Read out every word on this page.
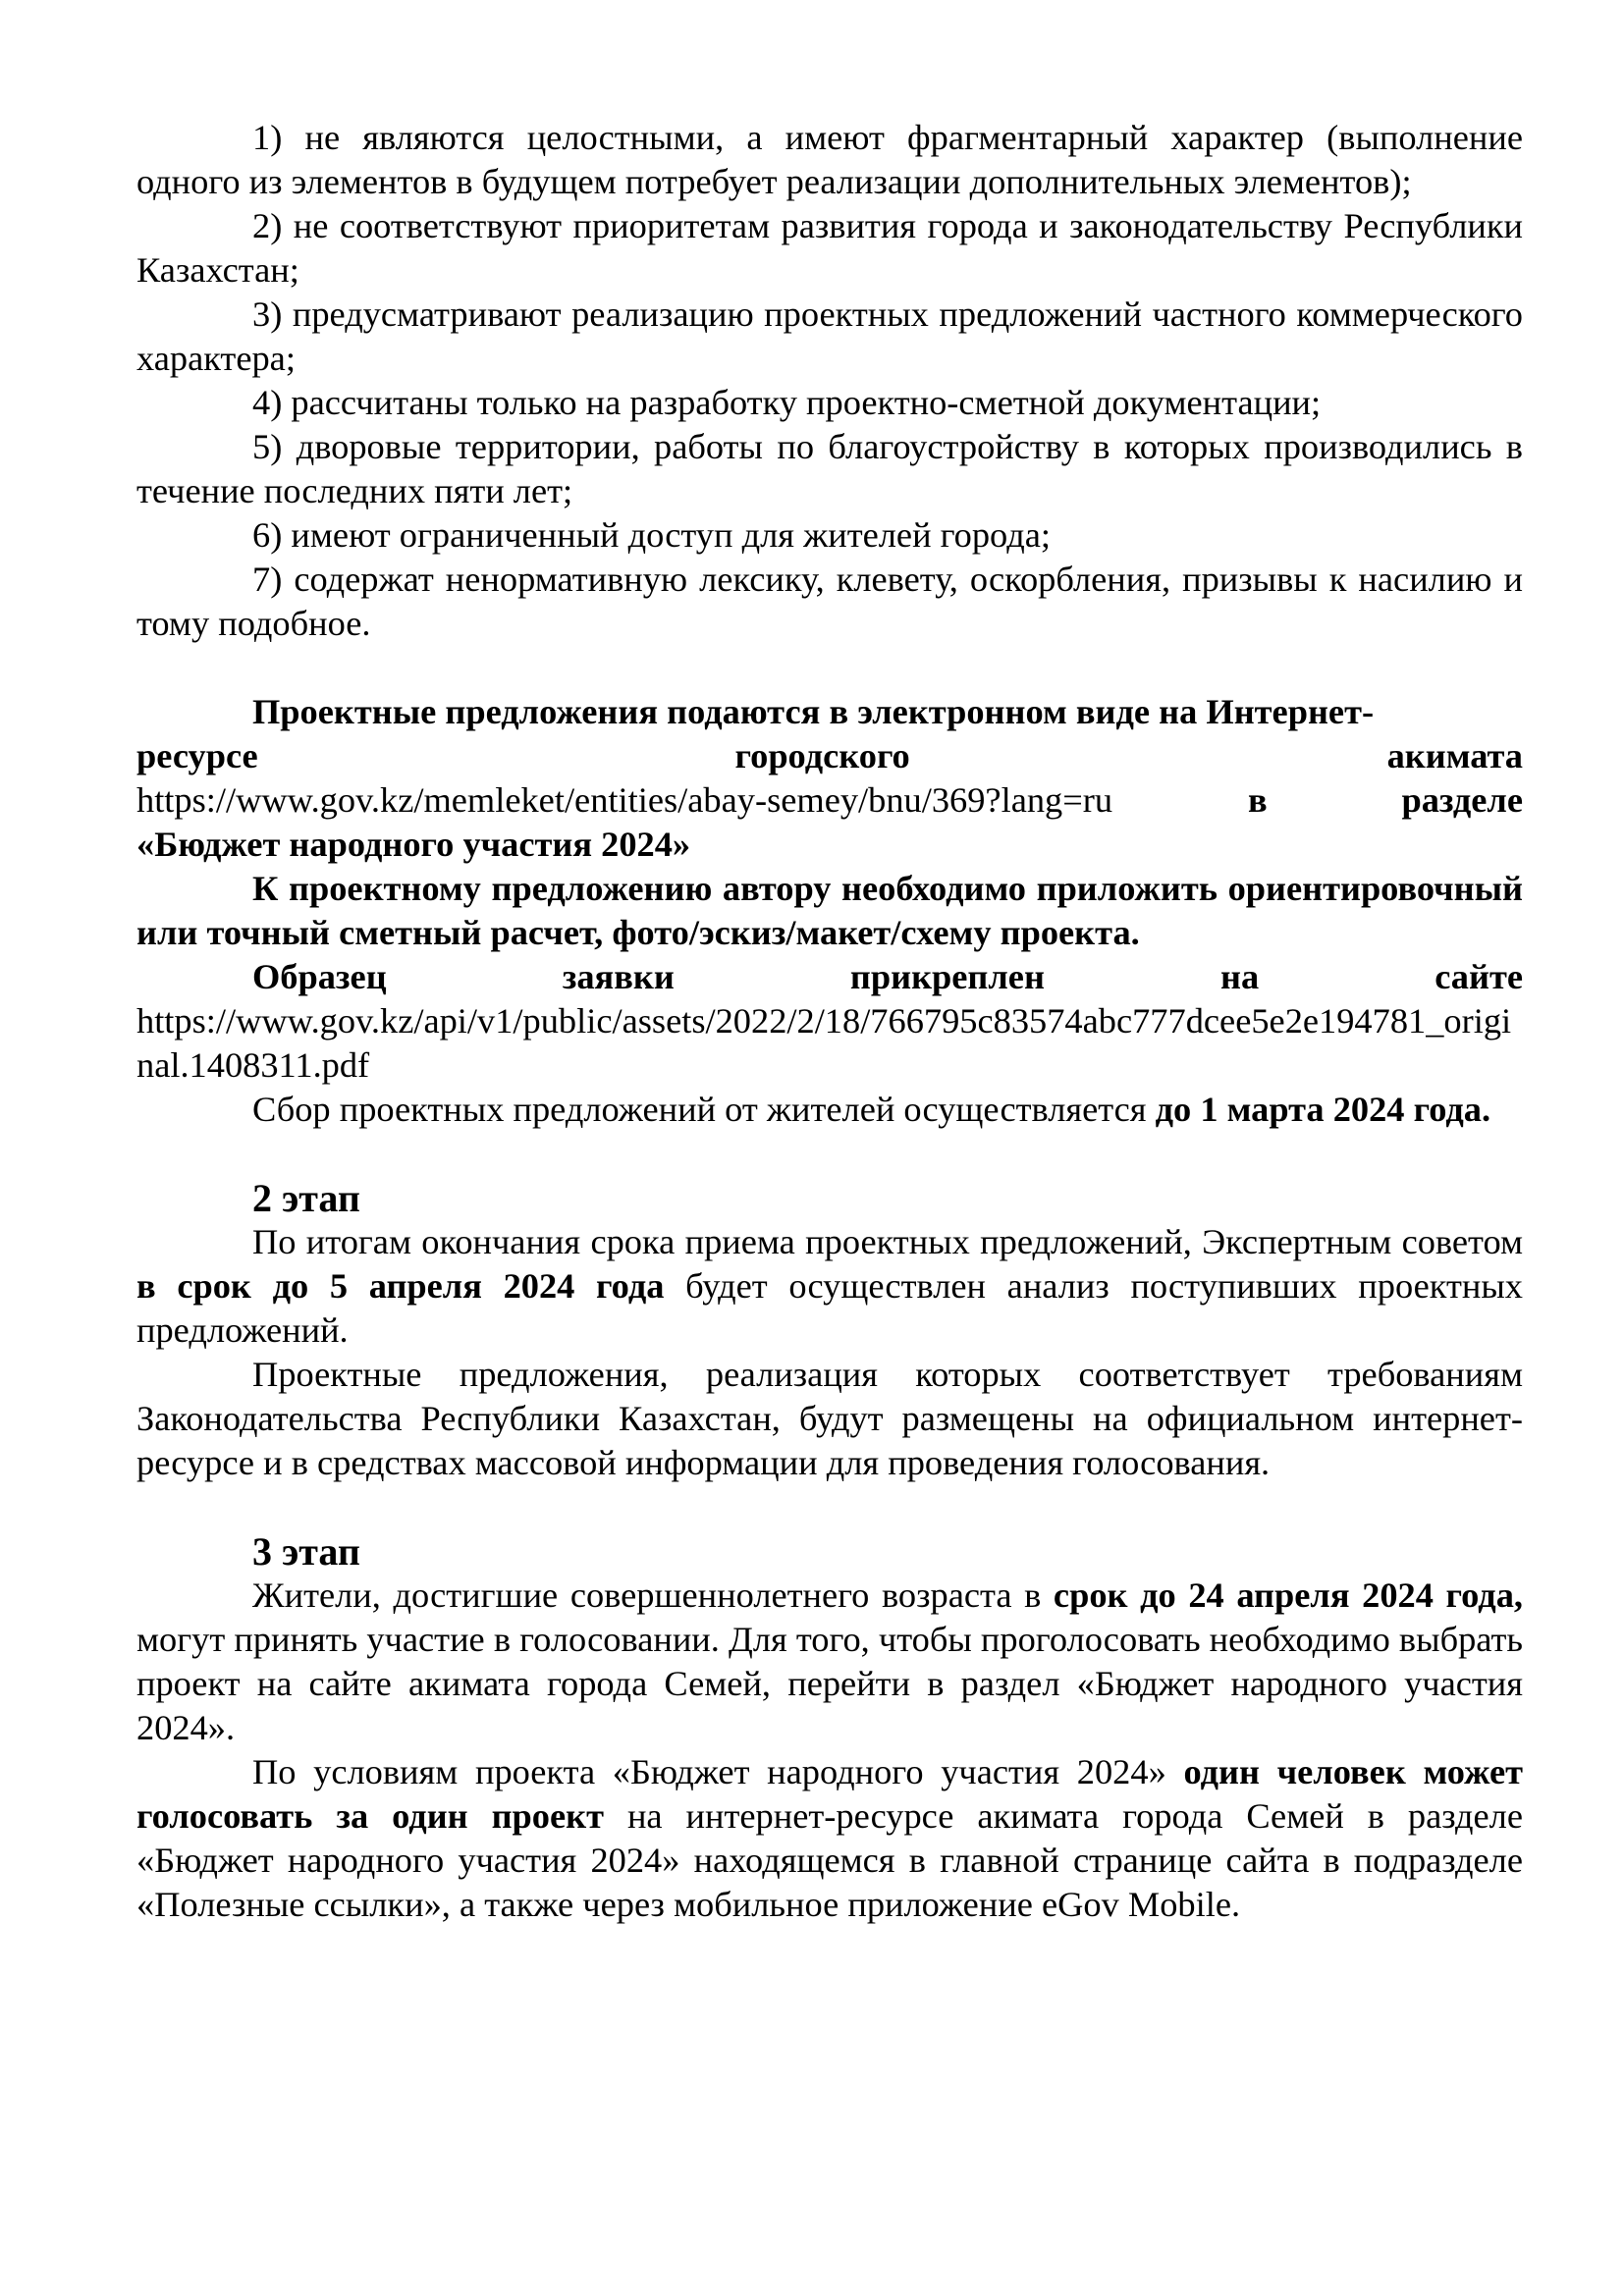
1) не являются целостными, а имеют фрагментарный характер (выполнение одного из элементов в будущем потребует реализации дополнительных элементов);

2) не соответствуют приоритетам развития города и законодательству Республики Казахстан;

3) предусматривают реализацию проектных предложений частного коммерческого характера;

4) рассчитаны только на разработку проектно-сметной документации;

5) дворовые территории, работы по благоустройству в которых производились в течение последних пяти лет;

6) имеют ограниченный доступ для жителей города;

7) содержат ненормативную лексику, клевету, оскорбления, призывы к насилию и тому подобное.

Проектные предложения подаются в электронном виде на Интернет-

ресурсе	городского	акимата
https://www.gov.kz/memleket/entities/abay-semey/bnu/369?lang=ru	в	разделе

«Бюджет народного участия 2024»

К проектному предложению автору необходимо приложить ориентировочный или точный сметный расчет, фото/эскиз/макет/схему проекта.

Образец	заявки	прикреплен	на	сайте

https://www.gov.kz/api/v1/public/assets/2022/2/18/766795c83574abc777dcee5e2e194781_original.1408311.pdf

Сбор проектных предложений от жителей осуществляется до 1 марта 2024 года.

2 этап

По итогам окончания срока приема проектных предложений, Экспертным советом в срок до 5 апреля 2024 года будет осуществлен анализ поступивших проектных предложений.

Проектные предложения, реализация которых соответствует требованиям Законодательства Республики Казахстан, будут размещены на официальном интернет-ресурсе и в средствах массовой информации для проведения голосования.

3 этап

Жители, достигшие совершеннолетнего возраста в срок до 24 апреля 2024 года, могут принять участие в голосовании. Для того, чтобы проголосовать необходимо выбрать проект на сайте акимата города Семей, перейти в раздел «Бюджет народного участия 2024».

По условиям проекта «Бюджет народного участия 2024» один человек может голосовать за один проект на интернет-ресурсе акимата города Семей в разделе «Бюджет народного участия 2024» находящемся в главной странице сайта в подразделе «Полезные ссылки», а также через мобильное приложение eGov Mobile.
